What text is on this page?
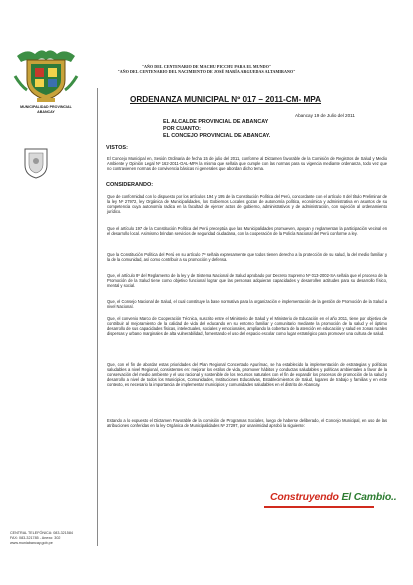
MUNICIPALIDAD PROVINCIAL
ABANCAY
"AÑO DEL CENTENARIO DE MACHU PICCHU PARA EL MUNDO"
"AÑO DEL CENTENARIO DEL NACIMIENTO DE JOSÉ MARÍA ARGUEDAS ALTAMIRANO"
ORDENANZA MUNICIPAL Nº 017 – 2011-CM- MPA
Abancay 19 de Julio del 2011
EL ALCALDE PROVINCIAL DE ABANCAY
POR CUANTO:
EL CONCEJO PROVINCIAL DE ABANCAY.
VISTOS:
El Concejo Municipal en, Sesión Ordinaria de fecha 15 de julio del 2011, conforme al Dictamen favorable de la Comisión de Registros de Salud y Medio Ambiente y Opinión Legal Nº 162-2011-OAL-MPA la misma que señala que cumple con las normas para su vigencia mediante ordenanza, todo vez que no contravienen normas de convivencia básicas ni generales que abordan dicho tema.
CONSIDERANDO:
Que de conformidad con lo dispuesto por los artículos 194 y 195 de la Constitución Política del Perú, concordante con el artículo II del título Preliminar de la ley Nº 27972, ley Orgánica de Municipalidades, los Gobiernos Locales gozan de autonomía política, económica y administrativa en asuntos de su competencia cuya autonomía radica en la facultad de ejercer actos de gobierno, administrativos y de administración, con sujeción al ordenamiento jurídico.
Que el artículo 197 de la Constitución Política del Perú preceptúa que las Municipalidades promueven, apoyan y reglamentan la participación vecinal en el desarrollo local. Asimismo brindan servicios de seguridad ciudadana, con la cooperación de la Policía Nacional del Perú conforme a ley.
Que la Constitución Política del Perú en su artículo 7º señala expresamente que todos tienen derecho a la protección de su salud, la del medio familiar y la de la comunidad, así como contribuir a su promoción y defensa.
Que, el artículo 8º del Reglamento de la ley y de Sistema Nacional de Salud aprobado por Decreto Supremo Nº 013-2002-SA señala que el proceso de la Promoción de la Salud tiene como objetivo funcional lograr que las personas adquieran capacidades y desarrollen actitudes para su desarrollo físico, mental y social.
Que, el Consejo Nacional de Salud, el cual constituye la base normativa para la organización e implementación de la gestión de Promoción de la Salud a nivel Nacional.
Que, el convenio Marco de Cooperación Técnica, suscrito entre el Ministerio de Salud y el Ministerio de Educación en el año 2011, tiene por objetivo de contribuir al mejoramiento de la calidad de vida del educando en su entorno familiar y comunitario mediante la promoción de la salud y el óptimo desarrollo de sus capacidades físicas, intelectuales, sociales y emocionales, ampliando la cobertura de la atención en educación y salud en zonas rurales dispersas y urbano marginales de alta vulnerabilidad, fomentando el uso del espacio escolar como lugar estratégico para promover una cultura de salud.
Que, con el fin de abordar estas prioridades del Plan Regional Concertado Apurímac, se ha establecido la implementación de estrategias y políticas saludables a nivel Regional, consistentes en: mejorar los estilos de vida, promover hábitos y conductas saludables y políticas ambientales a favor de la conservación del medio ambiente y el uso racional y sostenible de los recursos naturales con el fin de expandir los procesos de promoción de la salud y desarrollo a nivel de todos los Municipios, Comunidades, Instituciones Educativas, Establecimientos de Salud, lugares de trabajo y familias y en este contexto, es necesario la importancia de implementar municipios y comunidades saludables en el distrito de Abancay.
Estando a lo expuesto el Dictamen Favorable de la comisión de Programas Sociales, luego de haberse deliberado, el Concejo Municipal, en uso de las atribuciones conferidas en la ley Orgánica de Municipalidades Nº 27297, por unanimidad aprobó la siguiente:
Construyendo El Cambio..
CENTRAL TELEFÓNICA: 083-321584
FAX: 083-321785 - Anexo: 302
www.muniabancay.gob.pe
